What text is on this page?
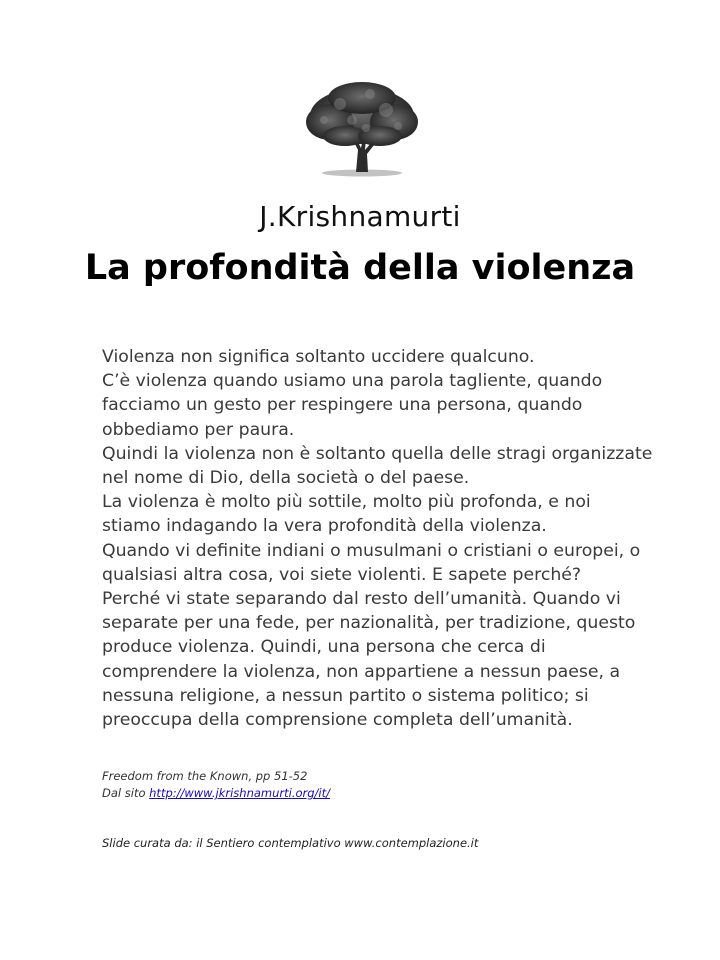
J.Krishnamurti
La profondità della violenza
Violenza non significa soltanto uccidere qualcuno.
C’è violenza quando usiamo una parola tagliente, quando
facciamo un gesto per respingere una persona, quando
obbediamo per paura.
Quindi la violenza non è soltanto quella delle stragi organizzate
nel nome di Dio, della società o del paese.
La violenza è molto più sottile, molto più profonda, e noi
stiamo indagando la vera profondità della violenza.
Quando vi definite indiani o musulmani o cristiani o europei, o
qualsiasi altra cosa, voi siete violenti. E sapete perché?
Perché vi state separando dal resto dell’umanità. Quando vi
separate per una fede, per nazionalità, per tradizione, questo
produce violenza. Quindi, una persona che cerca di
comprendere la violenza, non appartiene a nessun paese, a
nessuna religione, a nessun partito o sistema politico; si
preoccupa della comprensione completa dell’umanità.
Freedom from the Known, pp 51-52
Dal sito http://www.jkrishnamurti.org/it/
Slide curata da: il Sentiero contemplativo www.contemplazione.it
